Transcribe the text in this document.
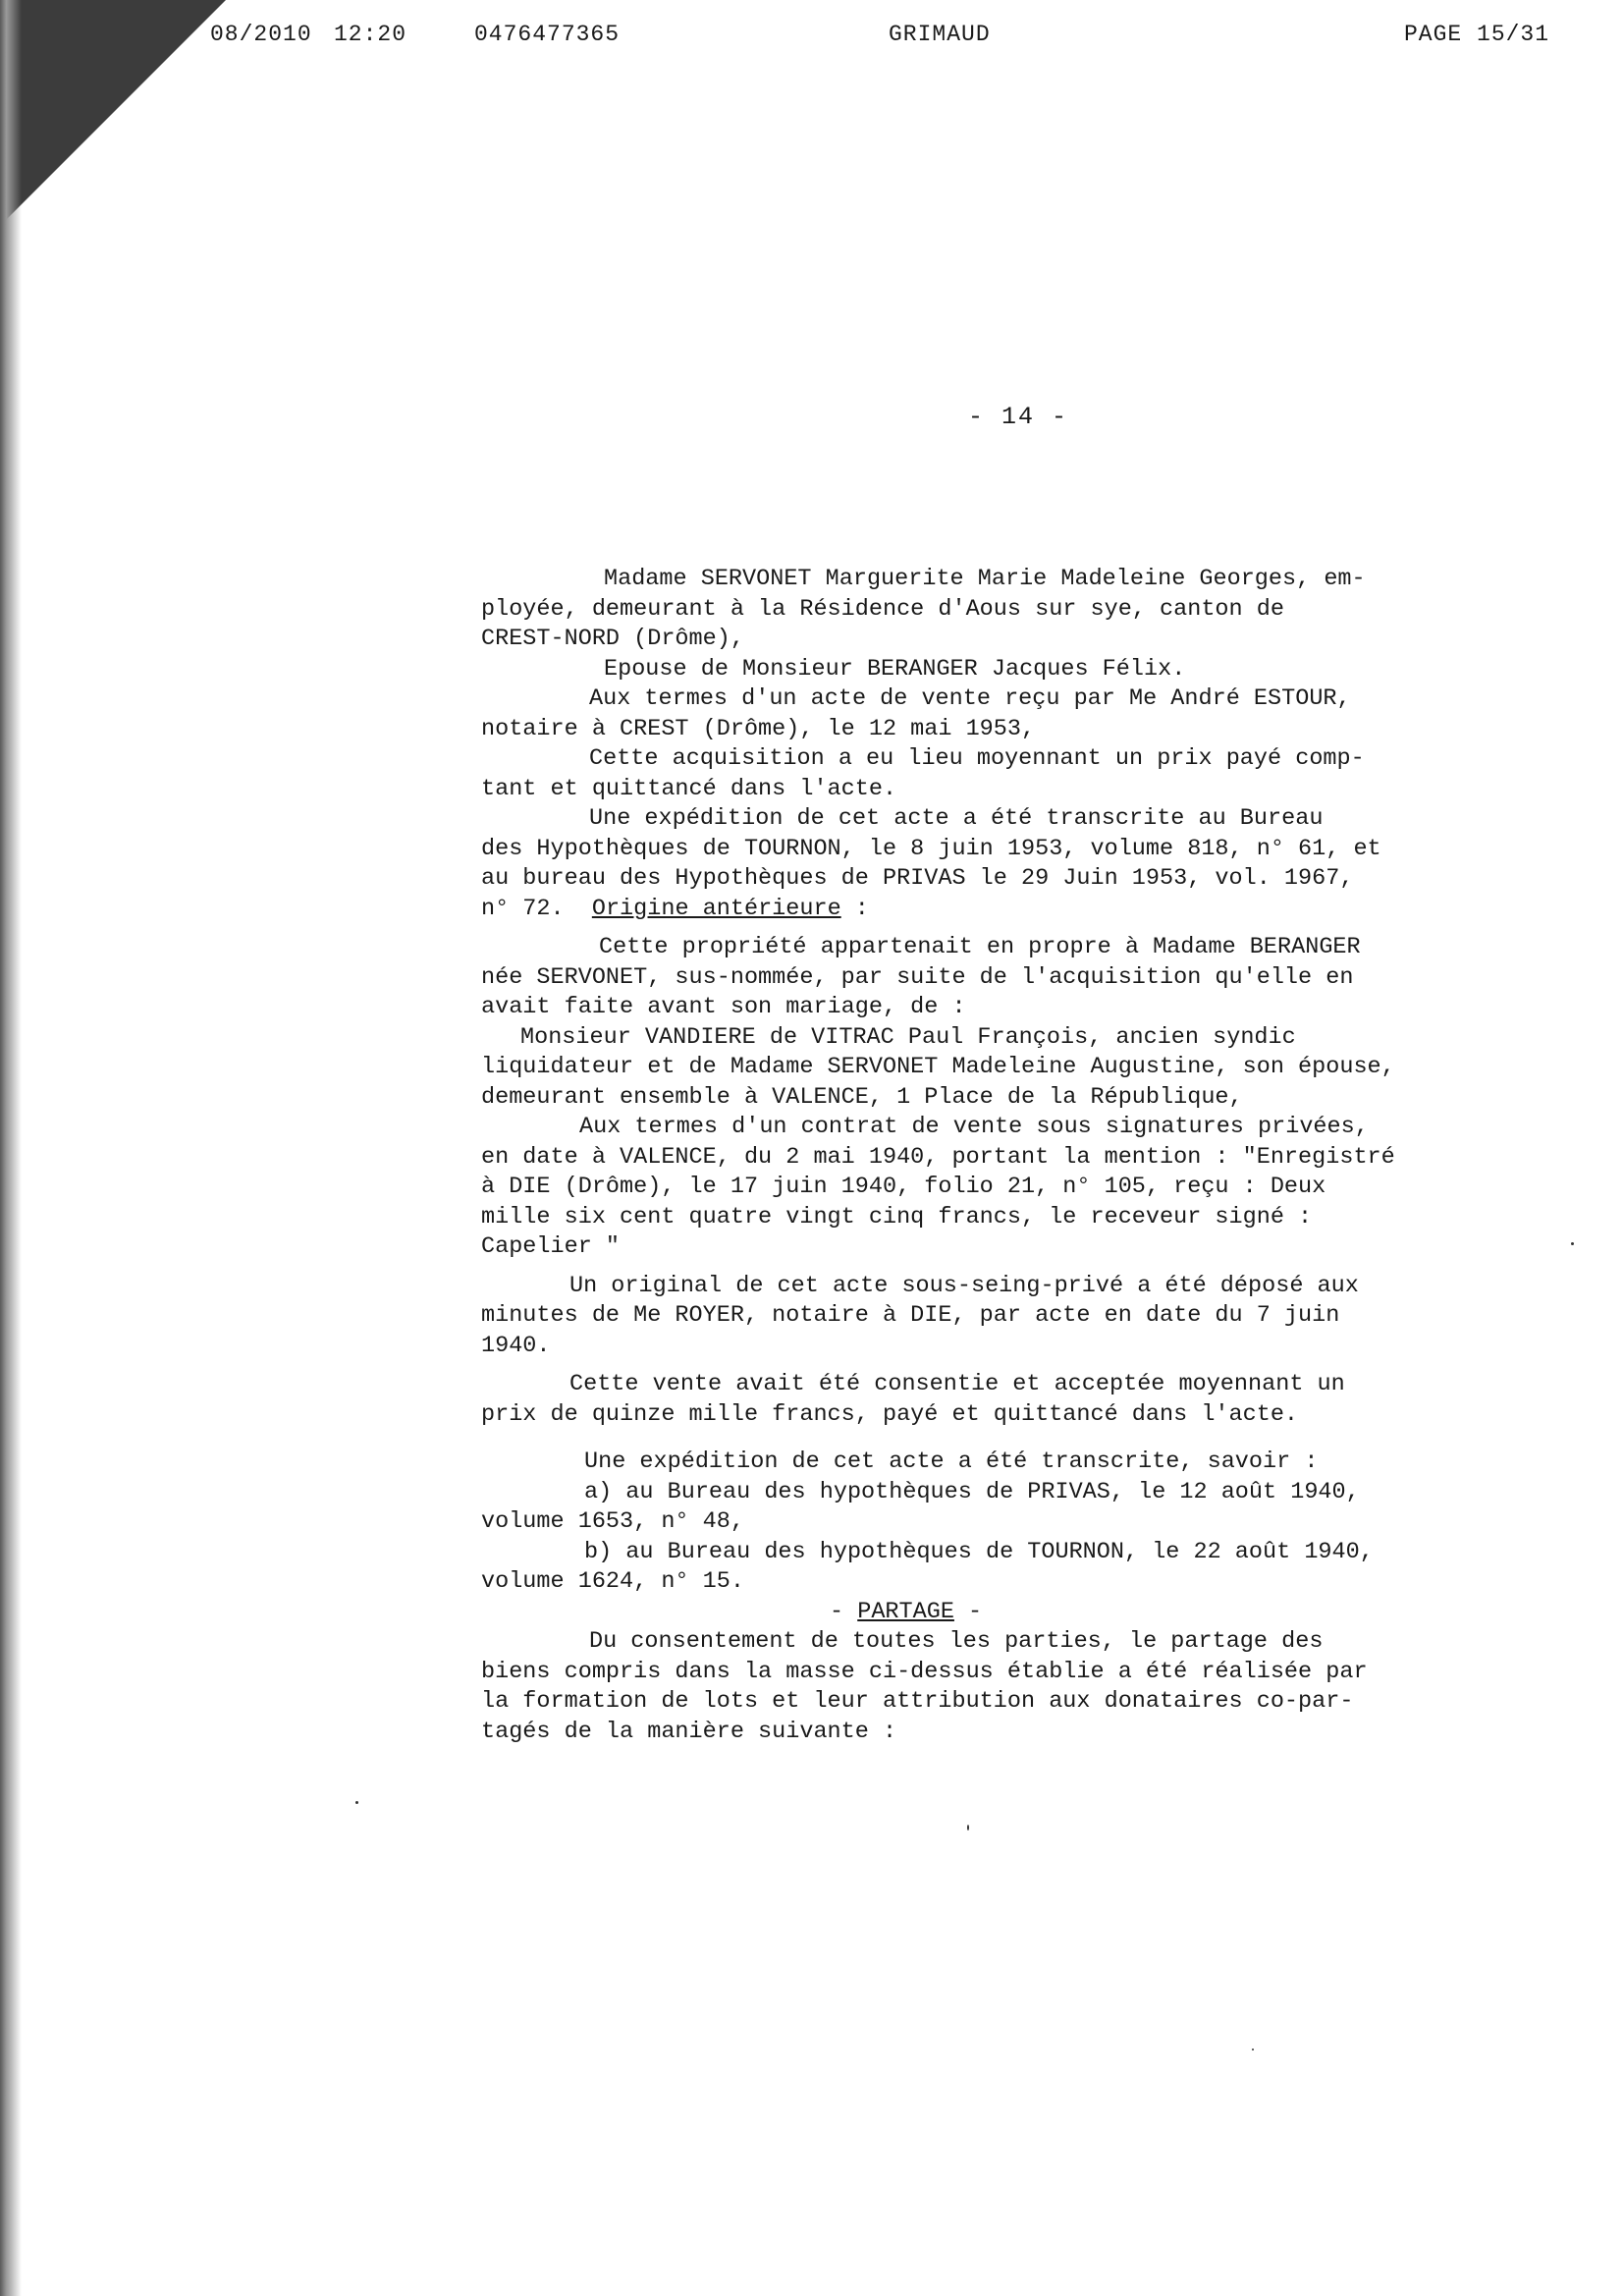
08/2010 12:20	0476477365	GRIMAUD	PAGE 15/31
- 14 -
Madame SERVONET Marguerite Marie Madeleine Georges, em-
ployée, demeurant à la Résidence d'Aous sur sye, canton de
CREST-NORD (Drôme),
Epouse de Monsieur BERANGER Jacques Félix.
Aux termes d'un acte de vente reçu par Me André ESTOUR,
notaire à CREST (Drôme), le 12 mai 1953,
Cette acquisition a eu lieu moyennant un prix payé comp-
tant et quittancé dans l'acte.
Une expédition de cet acte a été transcrite au Bureau
des Hypothèques de TOURNON, le 8 juin 1953, volume 818, n° 61, et
au bureau des Hypothèques de PRIVAS le 29 Juin 1953, vol. 1967,
n° 72. Origine antérieure :
Cette propriété appartenait en propre à Madame BERANGER
née SERVONET, sus-nommée, par suite de l'acquisition qu'elle en
avait faite avant son mariage, de :
Monsieur VANDIERE de VITRAC Paul François, ancien syndic
liquidateur et de Madame SERVONET Madeleine Augustine, son épouse,
demeurant ensemble à VALENCE, 1 Place de la République,
Aux termes d'un contrat de vente sous signatures privées,
en date à VALENCE, du 2 mai 1940, portant la mention : "Enregistré
à DIE (Drôme), le 17 juin 1940, folio 21, n° 105, reçu : Deux
mille six cent quatre vingt cinq francs, le receveur signé :
Capelier "
Un original de cet acte sous-seing-privé a été déposé aux
minutes de Me ROYER, notaire à DIE, par acte en date du 7 juin
1940.
Cette vente avait été consentie et acceptée moyennant un
prix de quinze mille francs, payé et quittancé dans l'acte.
Une expédition de cet acte a été transcrite, savoir :
a) au Bureau des hypothèques de PRIVAS, le 12 août 1940,
volume 1653, n° 48,
b) au Bureau des hypothèques de TOURNON, le 22 août 1940,
volume 1624, n° 15.
- PARTAGE -
Du consentement de toutes les parties, le partage des
biens compris dans la masse ci-dessus établie a été réalisée par
la formation de lots et leur attribution aux donataires co-par-
tagés de la manière suivante :
